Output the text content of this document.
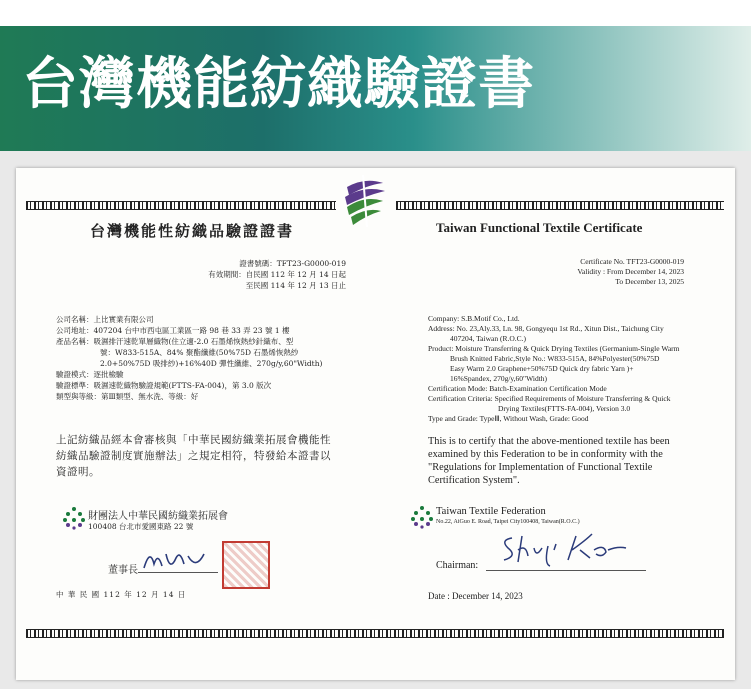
台灣機能紡織驗證書
台灣機能性紡織品驗證證書
證書號碼：TFT23-G0000-019
有效期間：自民國 112 年 12 月 14 日起
至民國 114 年 12 月 13 日止
公司名稱：上比實業有限公司
公司地址：407204 台中市西屯區工業區一路 98 巷 33 弄 23 號 1 樓
產品名稱：吸濕排汗速乾單層織物(住立適-2.0 石墨烯恢熱紗針織布、型
號：W833-515A、84% 聚酯纖維(50%75D 石墨烯恢熱紗
2.0+50%75D 吸排紗)+16%40D 彈性纖維、270g/y,60"Width)
驗證模式：逐批檢驗
驗證標準：吸濕速乾織物驗證規範(FTTS-FA-004)，第 3.0 版次
類型與等級：第Ⅲ類型、無水洗、等級：好
上記紡織品經本會審核與「中華民國紡織業拓展會機能性
紡織品驗證制度實施辦法」之規定相符，特發給本證書以
資證明。
財團法人中華民國紡織業拓展會
100408 台北市愛國東路 22 號
董事長
中 華 民 國 112 年 12 月 14 日
Taiwan Functional Textile Certificate
Certificate No. TFT23-G0000-019
Validity : From December 14, 2023
To December 13, 2025
Company: S.B.Motif Co., Ltd.
Address: No. 23,Aly.33, Ln. 98, Gongyequ 1st Rd., Xitun Dist., Taichung City
407204, Taiwan (R.O.C.)
Product: Moisture Transferring & Quick Drying Textiles (Germanium-Single Warm
Brush Knitted Fabric,Style No.: W833-515A, 84%Polyester(50%75D
Easy Warm 2.0 Graphene+50%75D Quick dry fabric Yarn )+
16%Spandex, 270g/y,60"Width)
Certification Mode: Batch-Examination Certification Mode
Certification Criteria: Specified Requirements of Moisture Transferring & Quick
Drying Textiles(FTTS-FA-004), Version 3.0
Type and Grade: TypeⅢ, Without Wash, Grade: Good
This is to certify that the above-mentioned textile has been
examined by this Federation to be in conformity with the
"Regulations for Implementation of Functional Textile
Certification System".
Taiwan Textile Federation
No.22, AiGuo E. Road, Taipei City100408, Taiwan(R.O.C.)
Chairman:
Date : December 14, 2023
